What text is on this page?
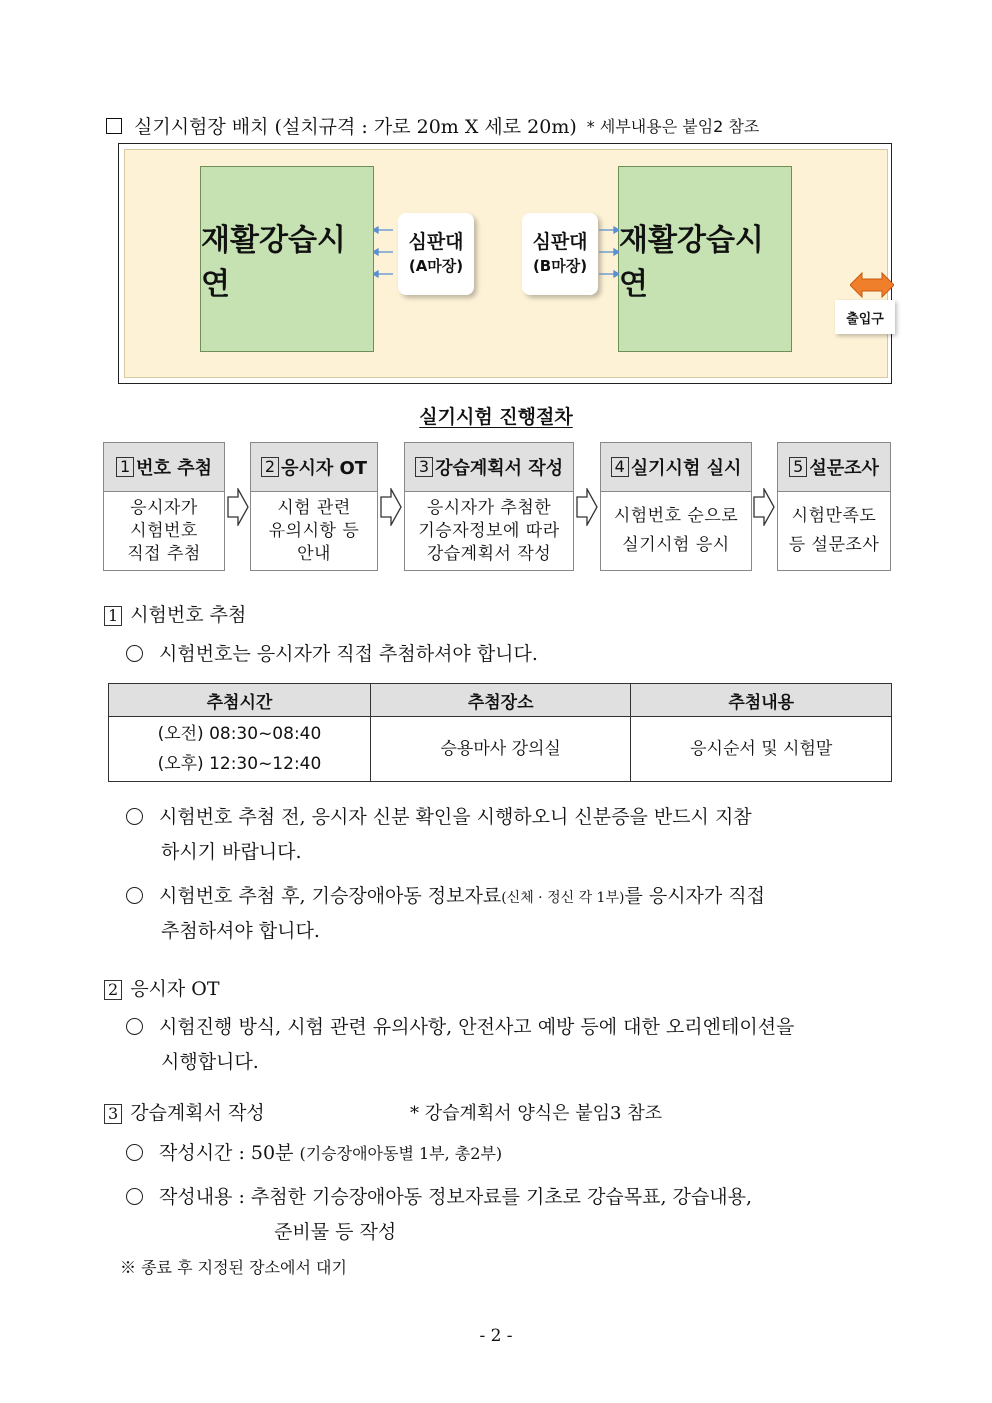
실기시험장 배치 (설치규격 : 가로 20m X 세로 20m) * 세부내용은 붙임2 참조
재활강습시연
재활강습시연
심판대
(A마장)
심판대
(B마장)
출입구
실기시험 진행절차
1 번호 추첨
응시자가
시험번호
직접 추첨
2 응시자 OT
시험 관련
유의시항 등
안내
3 강습계획서 작성
응시자가 추첨한
기승자정보에 따라
강습계획서 작성
4 실기시험 실시
시험번호 순으로
실기시험 응시
5 설문조사
시험만족도
등 설문조사
1 시험번호 추첨
시험번호는 응시자가 직접 추첨하셔야 합니다.
추첨시간	추첨장소	추첨내용

(오전) 08:30~08:40
(오후) 12:30~12:40	승용마사 강의실	응시순서 및 시험말
시험번호 추첨 전, 응시자 신분 확인을 시행하오니 신분증을 반드시 지참
하시기 바랍니다.
시험번호 추첨 후, 기승장애아동 정보자료(신체 · 정신 각 1부)를 응시자가 직접
추첨하셔야 합니다.
2 응시자 OT
시험진행 방식, 시험 관련 유의사항, 안전사고 예방 등에 대한 오리엔테이션을
시행합니다.
3 강습계획서 작성	* 강습계획서 양식은 붙임3 참조
작성시간 : 50분 (기승장애아동별 1부, 총2부)
작성내용 : 추첨한 기승장애아동 정보자료를 기초로 강습목표, 강습내용,
준비물 등 작성
※ 종료 후 지정된 장소에서 대기
- 2 -
